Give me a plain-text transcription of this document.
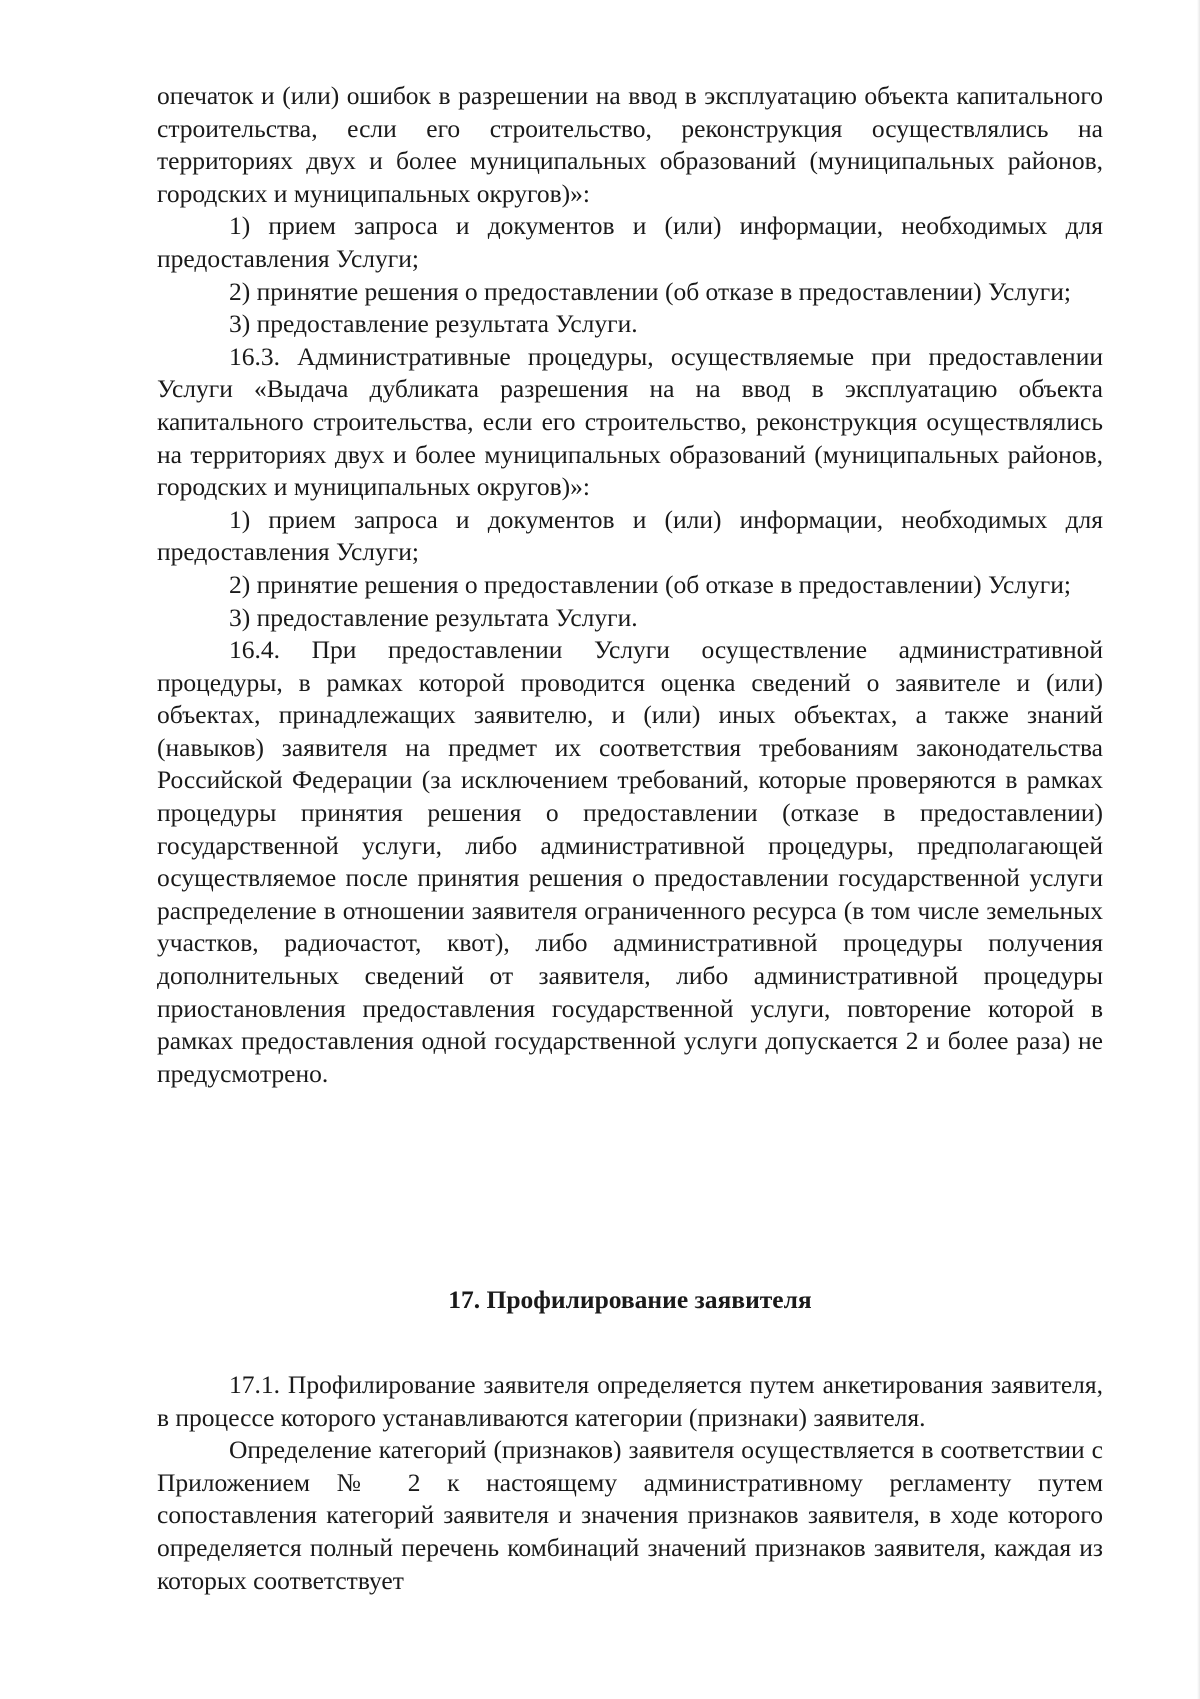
опечаток и (или) ошибок в разрешении на ввод в эксплуатацию объекта капитального строительства, если его строительство, реконструкция осуществлялись на территориях двух и более муниципальных образований (муниципальных районов, городских и муниципальных округов)»:

1) прием запроса и документов и (или) информации, необходимых для предоставления Услуги;

2) принятие решения о предоставлении (об отказе в предоставлении) Услуги;

3) предоставление результата Услуги.

16.3. Административные процедуры, осуществляемые при предоставлении Услуги «Выдача дубликата разрешения на на ввод в эксплуатацию объекта капитального строительства, если его строительство, реконструкция осуществлялись на территориях двух и более муниципальных образований (муниципальных районов, городских и муниципальных округов)»:

1) прием запроса и документов и (или) информации, необходимых для предоставления Услуги;

2) принятие решения о предоставлении (об отказе в предоставлении) Услуги;

3) предоставление результата Услуги.

16.4. При предоставлении Услуги осуществление административной процедуры, в рамках которой проводится оценка сведений о заявителе и (или) объектах, принадлежащих заявителю, и (или) иных объектах, а также знаний (навыков) заявителя на предмет их соответствия требованиям законодательства Российской Федерации (за исключением требований, которые проверяются в рамках процедуры принятия решения о предоставлении (отказе в предоставлении) государственной услуги, либо административной процедуры, предполагающей осуществляемое после принятия решения о предоставлении государственной услуги распределение в отношении заявителя ограниченного ресурса (в том числе земельных участков, радиочастот, квот), либо административной процедуры получения дополнительных сведений от заявителя, либо административной процедуры приостановления предоставления государственной услуги, повторение которой в рамках предоставления одной государственной услуги допускается 2 и более раза) не предусмотрено.

17. Профилирование заявителя

17.1. Профилирование заявителя определяется путем анкетирования заявителя, в процессе которого устанавливаются категории (признаки) заявителя.

Определение категорий (признаков) заявителя осуществляется в соответствии с Приложением № 2 к настоящему административному регламенту путем сопоставления категорий заявителя и значения признаков заявителя, в ходе которого определяется полный перечень комбинаций значений признаков заявителя, каждая из которых соответствует
